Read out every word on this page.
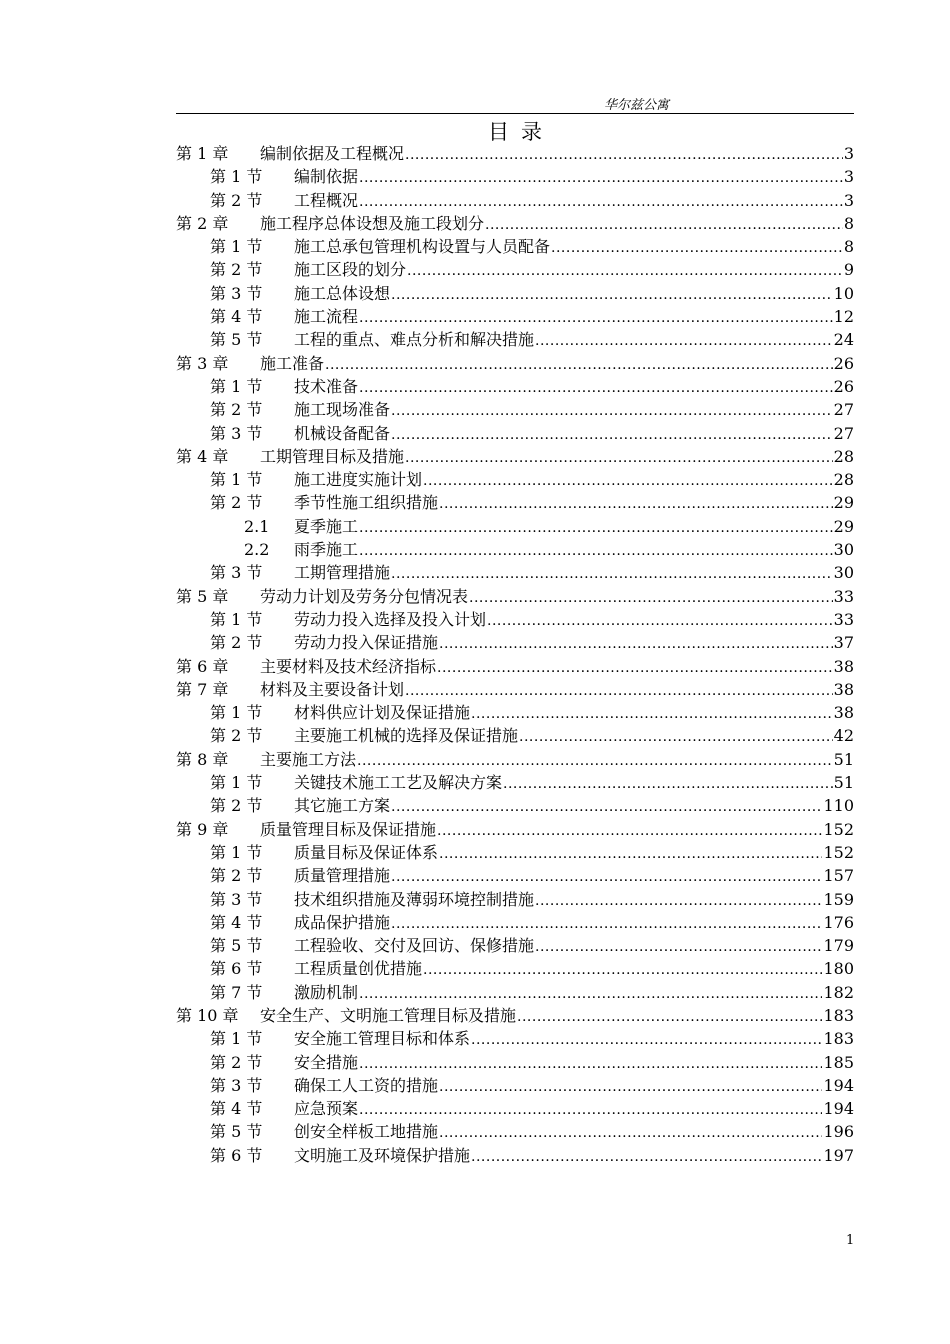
华尔兹公寓
目录
第 1 章	编制依据及工程概况 .....	3
第 1 节	编制依据 .....	3
第 2 节	工程概况 .....	3
第 2 章	施工程序总体设想及施工段划分 .....	8
第 1 节	施工总承包管理机构设置与人员配备 .....	8
第 2 节	施工区段的划分 .....	9
第 3 节	施工总体设想 .....	10
第 4 节	施工流程 .....	12
第 5 节	工程的重点、难点分析和解决措施 .....	24
第 3 章	施工准备 .....	26
第 1 节	技术准备 .....	26
第 2 节	施工现场准备 .....	27
第 3 节	机械设备配备 .....	27
第 4 章	工期管理目标及措施 .....	28
第 1 节	施工进度实施计划 .....	28
第 2 节	季节性施工组织措施 .....	29
2.1	夏季施工 .....	29
2.2	雨季施工 .....	30
第 3 节	工期管理措施 .....	30
第 5 章	劳动力计划及劳务分包情况表 .....	33
第 1 节	劳动力投入选择及投入计划 .....	33
第 2 节	劳动力投入保证措施 .....	37
第 6 章	主要材料及技术经济指标 .....	38
第 7 章	材料及主要设备计划 .....	38
第 1 节	材料供应计划及保证措施 .....	38
第 2 节	主要施工机械的选择及保证措施 .....	42
第 8 章	主要施工方法 .....	51
第 1 节	关键技术施工工艺及解决方案 .....	51
第 2 节	其它施工方案 .....	110
第 9 章	质量管理目标及保证措施 .....	152
第 1 节	质量目标及保证体系 .....	152
第 2 节	质量管理措施 .....	157
第 3 节	技术组织措施及薄弱环境控制措施 .....	159
第 4 节	成品保护措施 .....	176
第 5 节	工程验收、交付及回访、保修措施 .....	179
第 6 节	工程质量创优措施 .....	180
第 7 节	激励机制 .....	182
第 10 章	安全生产、文明施工管理目标及措施 .....	183
第 1 节	安全施工管理目标和体系 .....	183
第 2 节	安全措施 .....	185
第 3 节	确保工人工资的措施 .....	194
第 4 节	应急预案 .....	194
第 5 节	创安全样板工地措施 .....	196
第 6 节	文明施工及环境保护措施 .....	197
1
